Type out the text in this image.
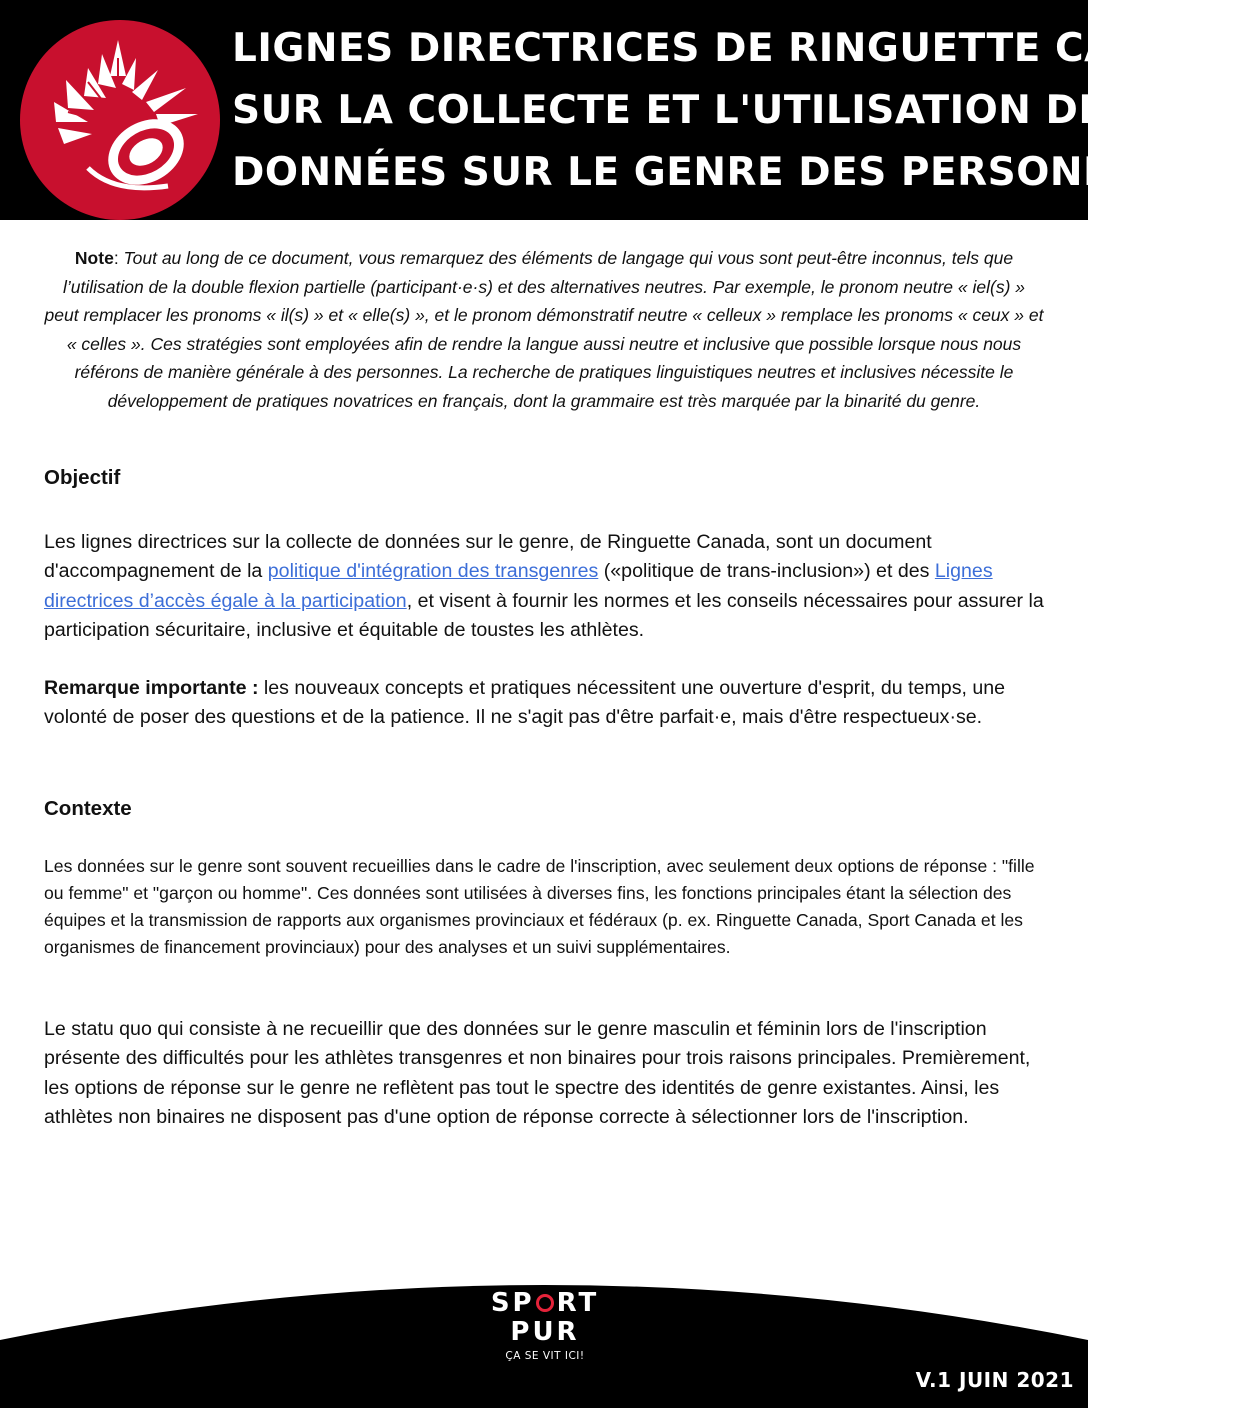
LIGNES DIRECTRICES DE RINGUETTE CANADA
SUR LA COLLECTE ET L'UTILISATION DES
DONNÉES SUR LE GENRE DES PERSONNES

Note: Tout au long de ce document, vous remarquez des éléments de langage qui vous sont peut-être inconnus, tels que l’utilisation de la double flexion partielle (participant·e·s) et des alternatives neutres. Par exemple, le pronom neutre « iel(s) » peut remplacer les pronoms « il(s) » et « elle(s) », et le pronom démonstratif neutre « celleux » remplace les pronoms « ceux » et « celles ». Ces stratégies sont employées afin de rendre la langue aussi neutre et inclusive que possible lorsque nous nous référons de manière générale à des personnes. La recherche de pratiques linguistiques neutres et inclusives nécessite le développement de pratiques novatrices en français, dont la grammaire est très marquée par la binarité du genre.

Objectif

Les lignes directrices sur la collecte de données sur le genre, de Ringuette Canada, sont un document d'accompagnement de la politique d'intégration des transgenres («politique de trans-inclusion») et des Lignes directrices d’accès égale à la participation, et visent à fournir les normes et les conseils nécessaires pour assurer la participation sécuritaire, inclusive et équitable de toustes les athlètes.

Remarque importante : les nouveaux concepts et pratiques nécessitent une ouverture d'esprit, du temps, une volonté de poser des questions et de la patience. Il ne s'agit pas d'être parfait·e, mais d'être respectueux·se.

Contexte

Les données sur le genre sont souvent recueillies dans le cadre de l'inscription, avec seulement deux options de réponse : "fille ou femme" et "garçon ou homme". Ces données sont utilisées à diverses fins, les fonctions principales étant la sélection des équipes et la transmission de rapports aux organismes provinciaux et fédéraux (p. ex. Ringuette Canada, Sport Canada et les organismes de financement provinciaux) pour des analyses et un suivi supplémentaires.

Le statu quo qui consiste à ne recueillir que des données sur le genre masculin et féminin lors de l'inscription présente des difficultés pour les athlètes transgenres et non binaires pour trois raisons principales. Premièrement, les options de réponse sur le genre ne reflètent pas tout le spectre des identités de genre existantes. Ainsi, les athlètes non binaires ne disposent pas d'une option de réponse correcte à sélectionner lors de l'inscription.

SP RT
PUR
ÇA SE VIT ICI!
V.1 JUIN 2021
